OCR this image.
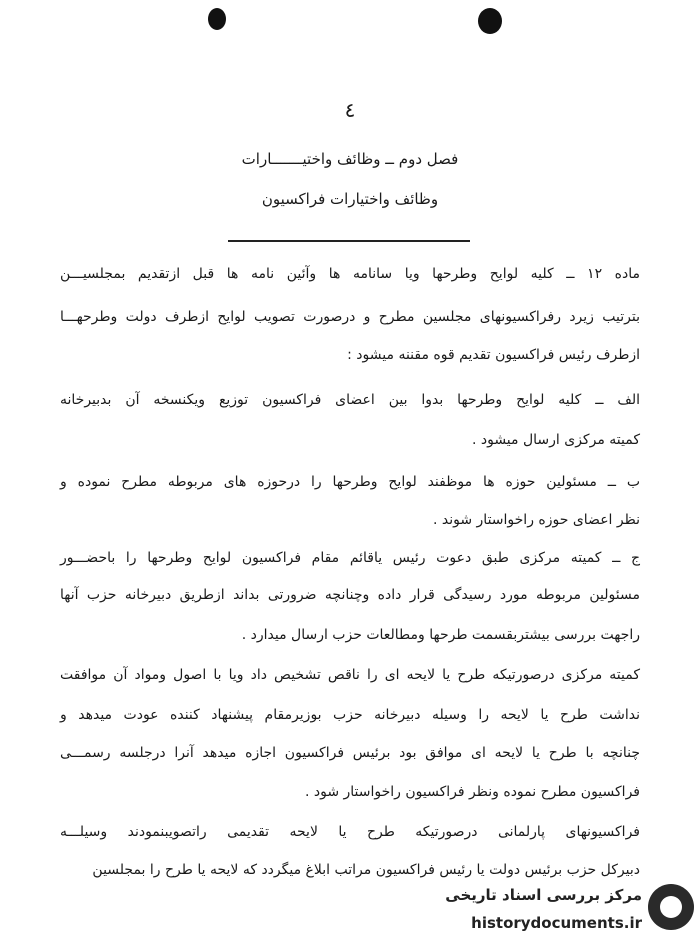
٤
فصل دوم ــ وظائف واختیـــــــارات
وظائف واختیارات فراکسیون
ماده ۱۲ ــ کلیه لوایح وطرحها ویا سانامه ها وآئین نامه ها قبل ازتقدیم بمجلسیـــن
بترتیب زیرد رفراکسیونهای مجلسین مطرح و درصورت تصویب لوایح ازطرف دولت وطرحهـــا
ازطرف رئیس فراکسیون تقدیم قوه مقننه میشود :
الف ــ کلیه لوایح وطرحها بدوا بین اعضای فراکسیون توزیع ویکنسخه آن بدبیرخانه
کمیته مرکزی ارسال میشود .
ب ــ مسئولین حوزه ها موظفند لوایح وطرحها را درحوزه های مربوطه مطرح نموده و
نظر اعضای حوزه راخواستار شوند .
ج ــ کمیته مرکزی طبق دعوت رئیس یاقائم مقام فراکسیون لوایح وطرحها را باحضـــور
مسئولین مربوطه مورد رسیدگی قرار داده وچنانچه ضرورتی بداند ازطریق دبیرخانه حزب آنها
راجهت بررسی بیشتربقسمت طرحها ومطالعات حزب ارسال میدارد .
کمیته مرکزی درصورتیکه طرح یا لایحه ای را ناقص تشخیص داد ویا با اصول ومواد آن موافقت
نداشت طرح یا لایحه را وسیله دبیرخانه حزب بوزیرمقام پیشنهاد کننده عودت میدهد و
چنانچه با طرح یا لایحه ای موافق بود برئیس فراکسیون اجازه میدهد آنرا درجلسه رسمـــی
فراکسیون مطرح نموده ونظر فراکسیون راخواستار شود .
فراکسیونهای پارلمانی درصورتیکه طرح یا لایحه تقدیمی راتصویبنمودند وسیلـــه
دبیرکل حزب برئیس دولت یا رئیس فراکسیون مراتب ابلاغ میگردد که لایحه یا طرح را بمجلسین
مرکز بررسی اسناد تاریخی
historydocuments.ir
